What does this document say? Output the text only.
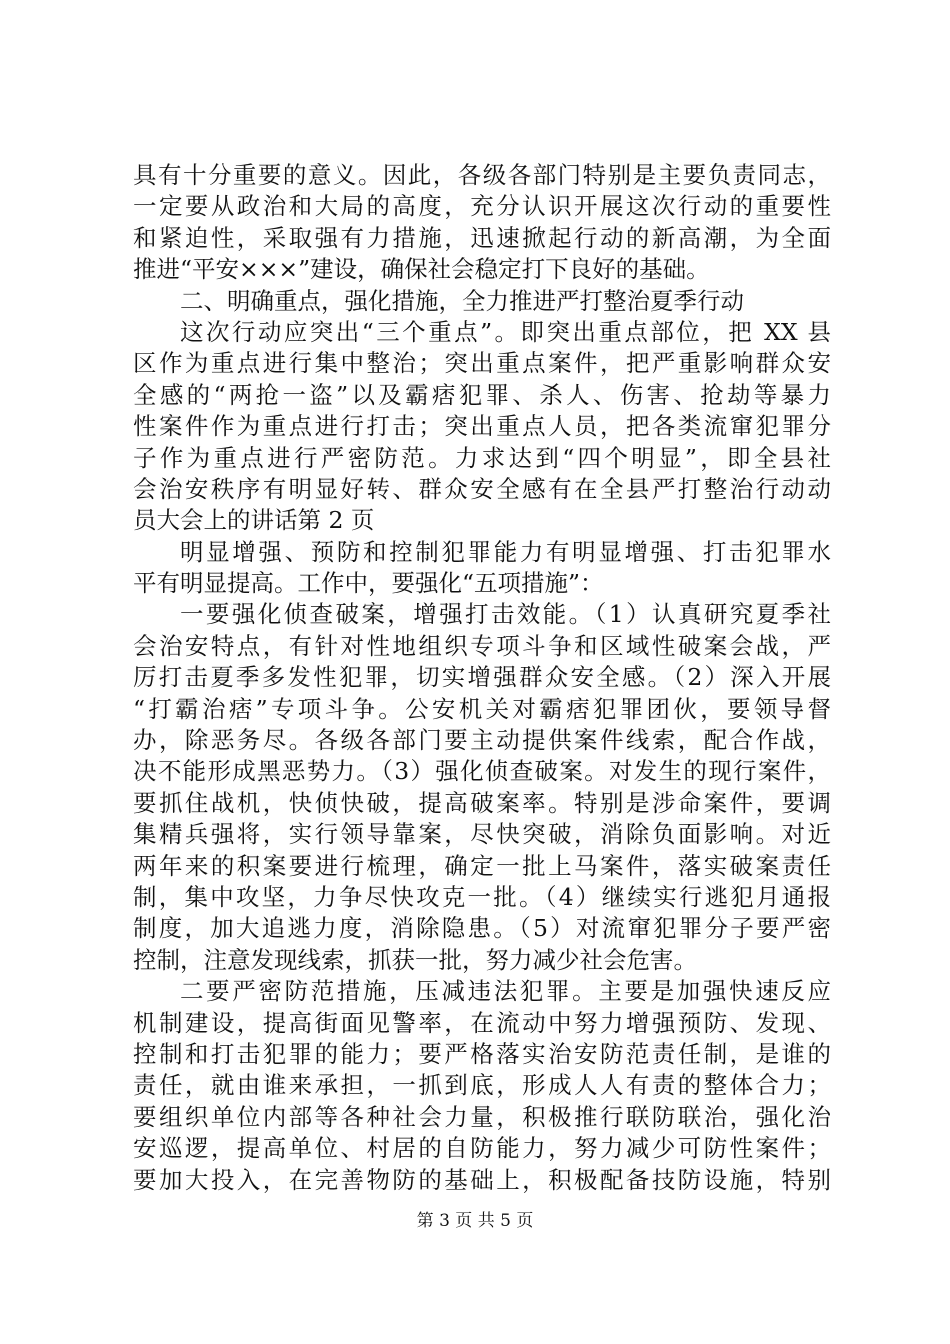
具有十分重要的意义。因此，各级各部门特别是主要负责同志，
一定要从政治和大局的高度，充分认识开展这次行动的重要性
和紧迫性，采取强有力措施，迅速掀起行动的新高潮，为全面
推进“平安×××”建设，确保社会稳定打下良好的基础。
二、明确重点，强化措施，全力推进严打整治夏季行动
这次行动应突出“三个重点”。即突出重点部位，把 XX 县
区作为重点进行集中整治；突出重点案件，把严重影响群众安
全感的“两抢一盗”以及霸痞犯罪、杀人、伤害、抢劫等暴力
性案件作为重点进行打击；突出重点人员，把各类流窜犯罪分
子作为重点进行严密防范。力求达到“四个明显”，即全县社
会治安秩序有明显好转、群众安全感有在全县严打整治行动动
员大会上的讲话第 2 页
明显增强、预防和控制犯罪能力有明显增强、打击犯罪水
平有明显提高。工作中，要强化“五项措施”：
一要强化侦查破案，增强打击效能。（1）认真研究夏季社
会治安特点，有针对性地组织专项斗争和区域性破案会战，严
厉打击夏季多发性犯罪，切实增强群众安全感。（2）深入开展
“打霸治痞”专项斗争。公安机关对霸痞犯罪团伙，要领导督
办，除恶务尽。各级各部门要主动提供案件线索，配合作战，
决不能形成黑恶势力。（3）强化侦查破案。对发生的现行案件，
要抓住战机，快侦快破，提高破案率。特别是涉命案件，要调
集精兵强将，实行领导靠案，尽快突破，消除负面影响。对近
两年来的积案要进行梳理，确定一批上马案件，落实破案责任
制，集中攻坚，力争尽快攻克一批。（4）继续实行逃犯月通报
制度，加大追逃力度，消除隐患。（5）对流窜犯罪分子要严密
控制，注意发现线索，抓获一批，努力减少社会危害。
二要严密防范措施，压减违法犯罪。主要是加强快速反应
机制建设，提高街面见警率，在流动中努力增强预防、发现、
控制和打击犯罪的能力；要严格落实治安防范责任制，是谁的
责任，就由谁来承担，一抓到底，形成人人有责的整体合力；
要组织单位内部等各种社会力量，积极推行联防联治，强化治
安巡逻，提高单位、村居的自防能力，努力减少可防性案件；
要加大投入，在完善物防的基础上，积极配备技防设施，特别
第 3 页 共 5 页
